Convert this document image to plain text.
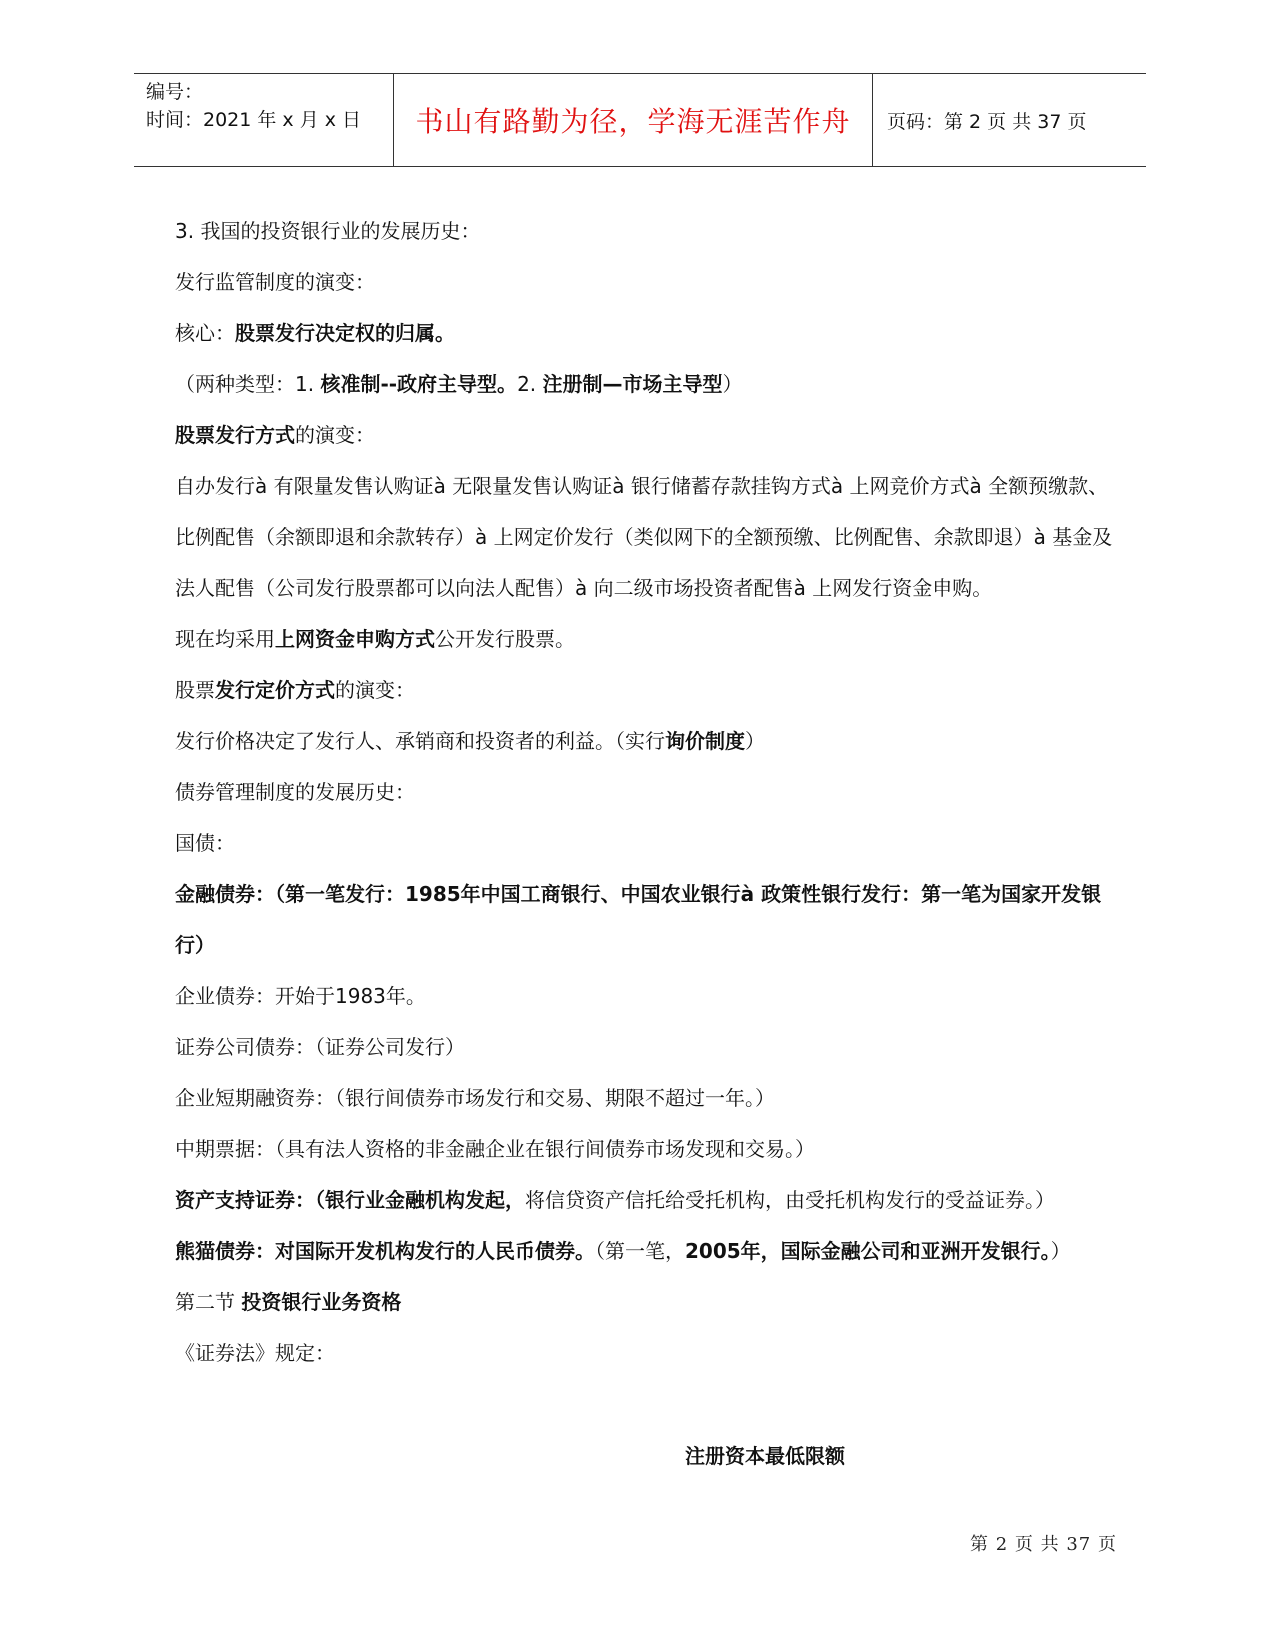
编号：
时间：2021 年 x 月 x 日	书山有路勤为径，学海无涯苦作舟	页码：第 2 页 共 37 页

3. 我国的投资银行业的发展历史：

发行监管制度的演变：

核心：股票发行决定权的归属。

（两种类型：1. 核准制--政府主导型。2. 注册制—市场主导型）

股票发行方式的演变：

自办发行à 有限量发售认购证à 无限量发售认购证à 银行储蓄存款挂钩方式à 上网竞价方式à 全额预缴款、比例配售（余额即退和余款转存）à 上网定价发行（类似网下的全额预缴、比例配售、余款即退）à 基金及法人配售（公司发行股票都可以向法人配售）à 向二级市场投资者配售à 上网发行资金申购。

现在均采用上网资金申购方式公开发行股票。

股票发行定价方式的演变：

发行价格决定了发行人、承销商和投资者的利益。（实行询价制度）

债券管理制度的发展历史：

国债：

金融债券：（第一笔发行：1985年中国工商银行、中国农业银行à 政策性银行发行：第一笔为国家开发银行）

企业债券：开始于1983年。

证券公司债券：（证券公司发行）

企业短期融资券：（银行间债券市场发行和交易、期限不超过一年。）

中期票据：（具有法人资格的非金融企业在银行间债券市场发现和交易。）

资产支持证券：（银行业金融机构发起，将信贷资产信托给受托机构，由受托机构发行的受益证券。）

熊猫债券：对国际开发机构发行的人民币债券。（第一笔，2005年，国际金融公司和亚洲开发银行。）

第二节 投资银行业务资格

《证券法》规定：

注册资本最低限额
第 2 页 共 37 页
